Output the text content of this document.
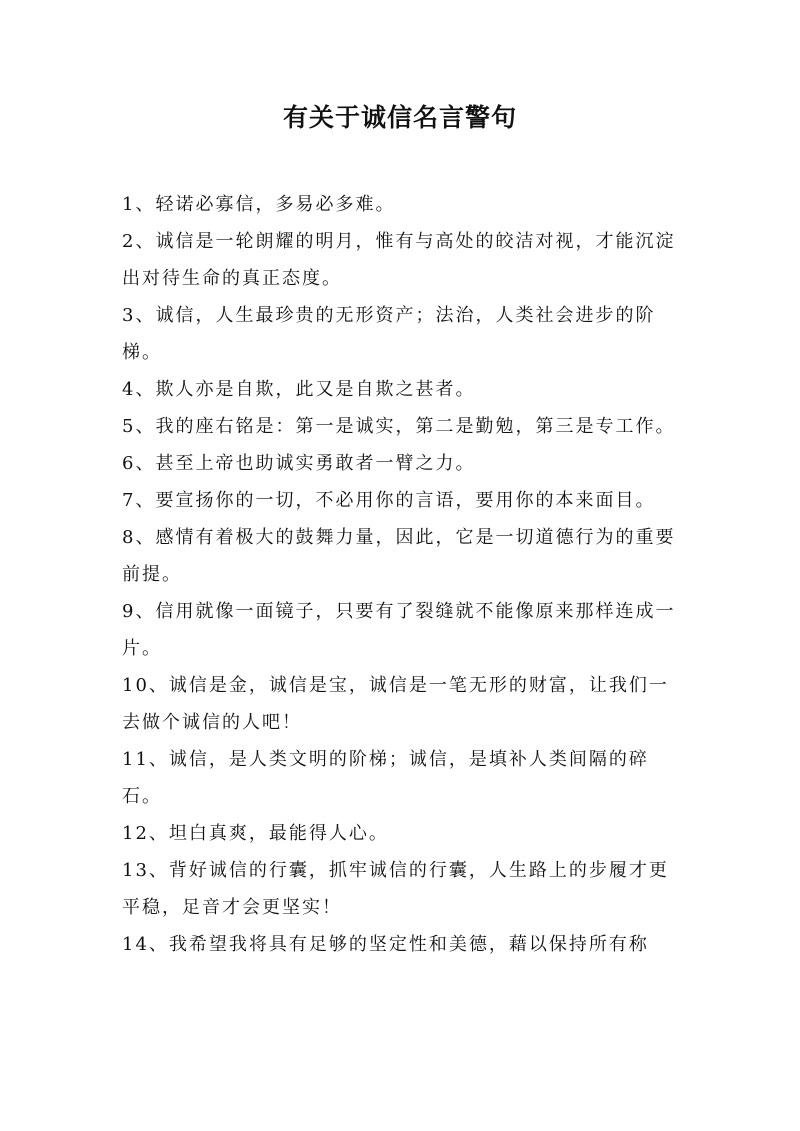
有关于诚信名言警句

1、轻诺必寡信，多易必多难。

2、诚信是一轮朗耀的明月，惟有与高处的皎洁对视，才能沉淀出对待生命的真正态度。

3、诚信，人生最珍贵的无形资产；法治，人类社会进步的阶梯。

4、欺人亦是自欺，此又是自欺之甚者。

5、我的座右铭是：第一是诚实，第二是勤勉，第三是专工作。

6、甚至上帝也助诚实勇敢者一臂之力。

7、要宣扬你的一切，不必用你的言语，要用你的本来面目。

8、感情有着极大的鼓舞力量，因此，它是一切道德行为的重要前提。

9、信用就像一面镜子，只要有了裂缝就不能像原来那样连成一片。

10、诚信是金，诚信是宝，诚信是一笔无形的财富，让我们一去做个诚信的人吧！

11、诚信，是人类文明的阶梯；诚信，是填补人类间隔的碎石。

12、坦白真爽，最能得人心。

13、背好诚信的行囊，抓牢诚信的行囊，人生路上的步履才更平稳，足音才会更坚实！

14、我希望我将具有足够的坚定性和美德，藉以保持所有称
